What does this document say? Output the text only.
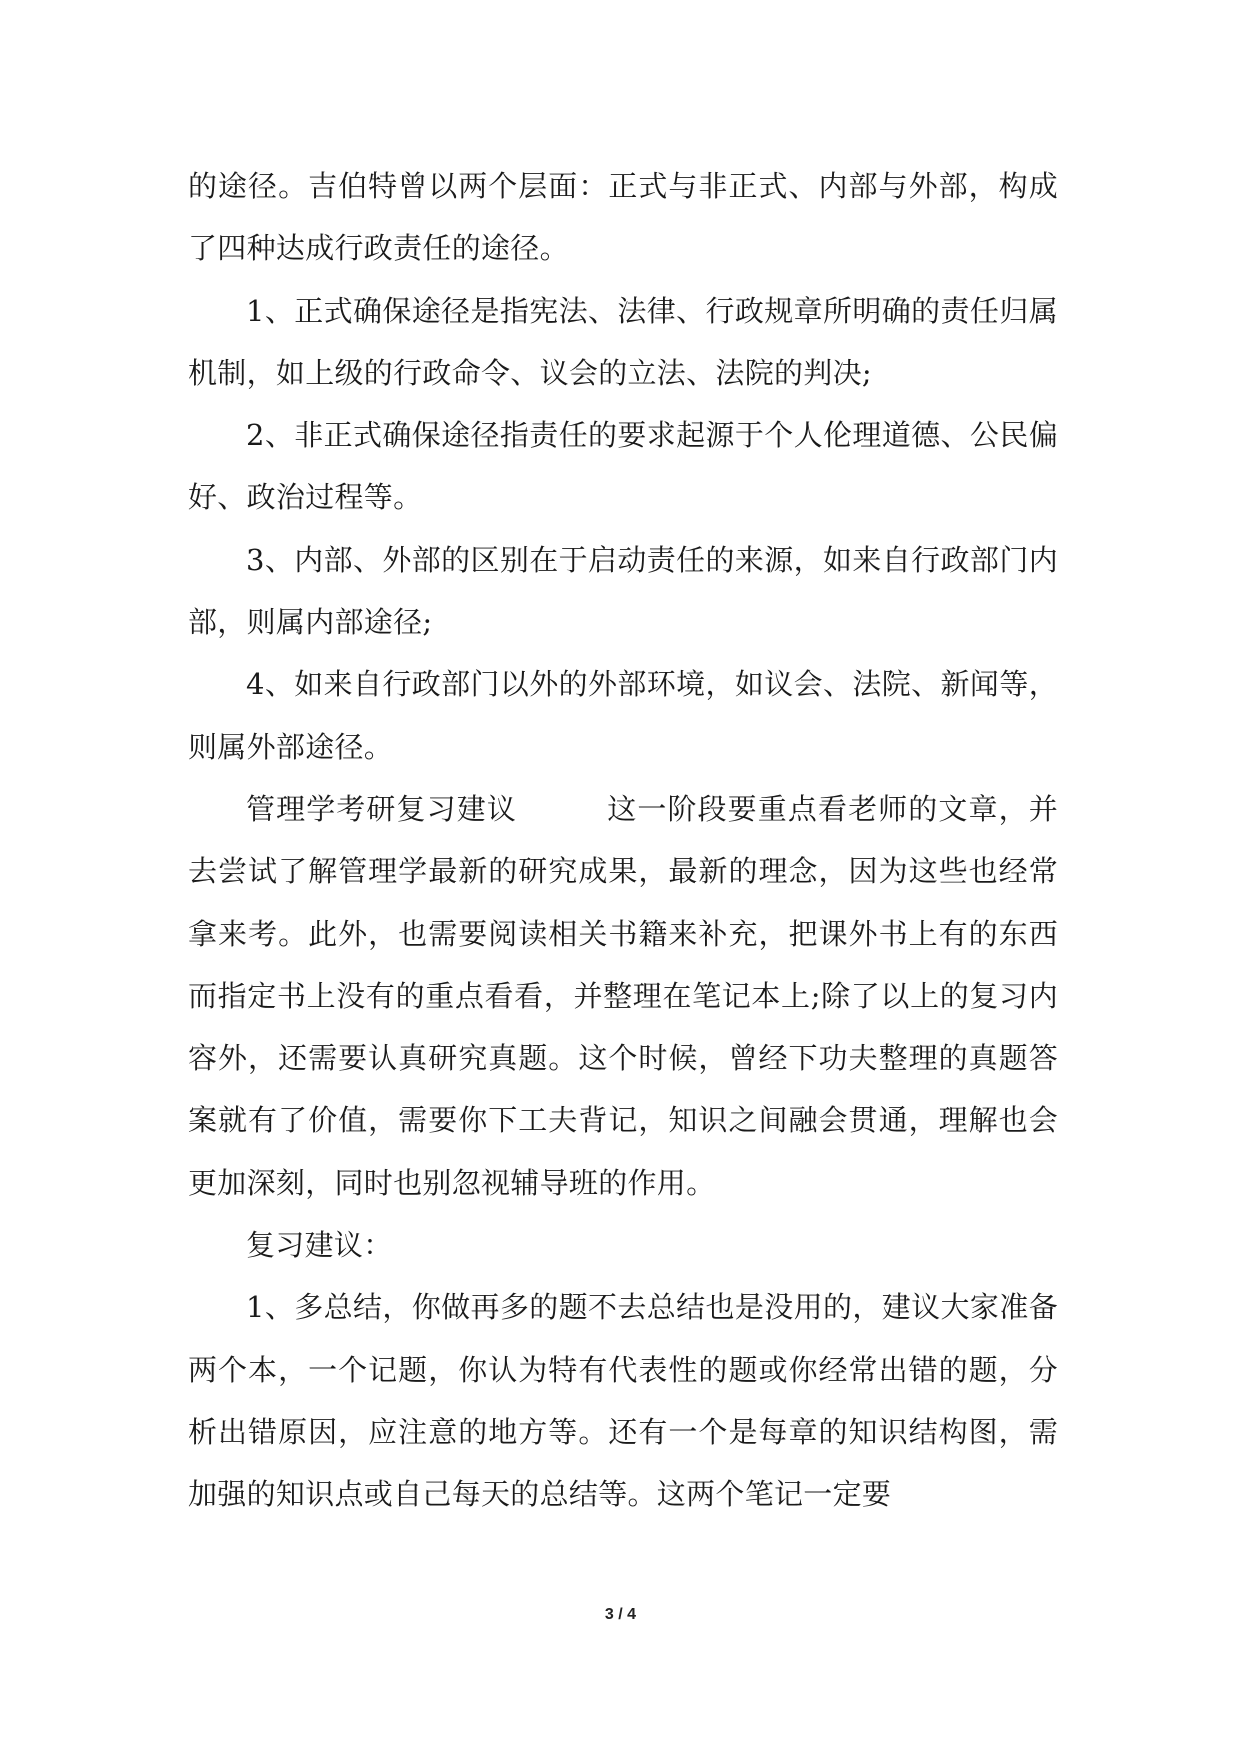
的途径。吉伯特曾以两个层面：正式与非正式、内部与外部，构成了四种达成行政责任的途径。

1、正式确保途径是指宪法、法律、行政规章所明确的责任归属机制，如上级的行政命令、议会的立法、法院的判决;

2、非正式确保途径指责任的要求起源于个人伦理道德、公民偏好、政治过程等。

3、内部、外部的区别在于启动责任的来源，如来自行政部门内部，则属内部途径;

4、如来自行政部门以外的外部环境，如议会、法院、新闻等，则属外部途径。

管理学考研复习建议　　　这一阶段要重点看老师的文章，并去尝试了解管理学最新的研究成果，最新的理念，因为这些也经常拿来考。此外，也需要阅读相关书籍来补充，把课外书上有的东西而指定书上没有的重点看看，并整理在笔记本上;除了以上的复习内容外，还需要认真研究真题。这个时候，曾经下功夫整理的真题答案就有了价值，需要你下工夫背记，知识之间融会贯通，理解也会更加深刻，同时也别忽视辅导班的作用。

复习建议：

1、多总结，你做再多的题不去总结也是没用的，建议大家准备两个本，一个记题，你认为特有代表性的题或你经常出错的题，分析出错原因，应注意的地方等。还有一个是每章的知识结构图，需加强的知识点或自己每天的总结等。这两个笔记一定要

3 / 4
